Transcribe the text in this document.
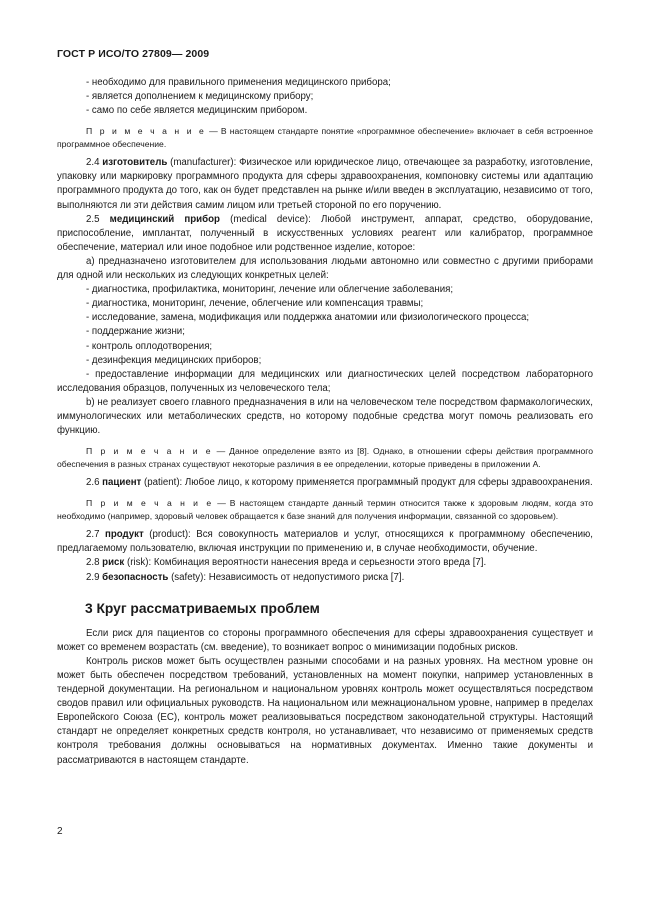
ГОСТ Р ИСО/ТО 27809— 2009

- необходимо для правильного применения медицинского прибора;

- является дополнением к медицинскому прибору;

- само по себе является медицинским прибором.

П р и м е ч а н и е — В настоящем стандарте понятие «программное обеспечение» включает в себя встроенное программное обеспечение.

2.4 изготовитель (manufacturer): Физическое или юридическое лицо, отвечающее за разработку, изготовление, упаковку или маркировку программного продукта для сферы здравоохранения, компоновку системы или адаптацию программного продукта до того, как он будет представлен на рынке и/или введен в эксплуатацию, независимо от того, выполняются ли эти действия самим лицом или третьей стороной по его поручению.

2.5 медицинский прибор (medical device): Любой инструмент, аппарат, средство, оборудование, приспособление, имплантат, полученный в искусственных условиях реагент или калибратор, программное обеспечение, материал или иное подобное или родственное изделие, которое:

а) предназначено изготовителем для использования людьми автономно или совместно с другими приборами для одной или нескольких из следующих конкретных целей:

- диагностика, профилактика, мониторинг, лечение или облегчение заболевания;

- диагностика, мониторинг, лечение, облегчение или компенсация травмы;

- исследование, замена, модификация или поддержка анатомии или физиологического процесса;

- поддержание жизни;

- контроль оплодотворения;

- дезинфекция медицинских приборов;

- предоставление информации для медицинских или диагностических целей посредством лабораторного исследования образцов, полученных из человеческого тела;

b) не реализует своего главного предназначения в или на человеческом теле посредством фармакологических, иммунологических или метаболических средств, но которому подобные средства могут помочь реализовать его функцию.

П р и м е ч а н и е — Данное определение взято из [8]. Однако, в отношении сферы действия программного обеспечения в разных странах существуют некоторые различия в ее определении, которые приведены в приложении А.

2.6 пациент (patient): Любое лицо, к которому применяется программный продукт для сферы здравоохранения.

П р и м е ч а н и е — В настоящем стандарте данный термин относится также к здоровым людям, когда это необходимо (например, здоровый человек обращается к базе знаний для получения информации, связанной со здоровьем).

2.7 продукт (product): Вся совокупность материалов и услуг, относящихся к программному обеспечению, предлагаемому пользователю, включая инструкции по применению и, в случае необходимости, обучение.

2.8 риск (risk): Комбинация вероятности нанесения вреда и серьезности этого вреда [7].

2.9 безопасность (safety): Независимость от недопустимого риска [7].

3 Круг рассматриваемых проблем

Если риск для пациентов со стороны программного обеспечения для сферы здравоохранения существует и может со временем возрастать (см. введение), то возникает вопрос о минимизации подобных рисков.

Контроль рисков может быть осуществлен разными способами и на разных уровнях. На местном уровне он может быть обеспечен посредством требований, установленных на момент покупки, например установленных в тендерной документации. На региональном и национальном уровнях контроль может осуществляться посредством сводов правил или официальных руководств. На национальном или межнациональном уровне, например в пределах Европейского Союза (ЕС), контроль может реализовываться посредством законодательной структуры. Настоящий стандарт не определяет конкретных средств контроля, но устанавливает, что независимо от применяемых средств контроля требования должны основываться на нормативных документах. Именно такие документы и рассматриваются в настоящем стандарте.

2
